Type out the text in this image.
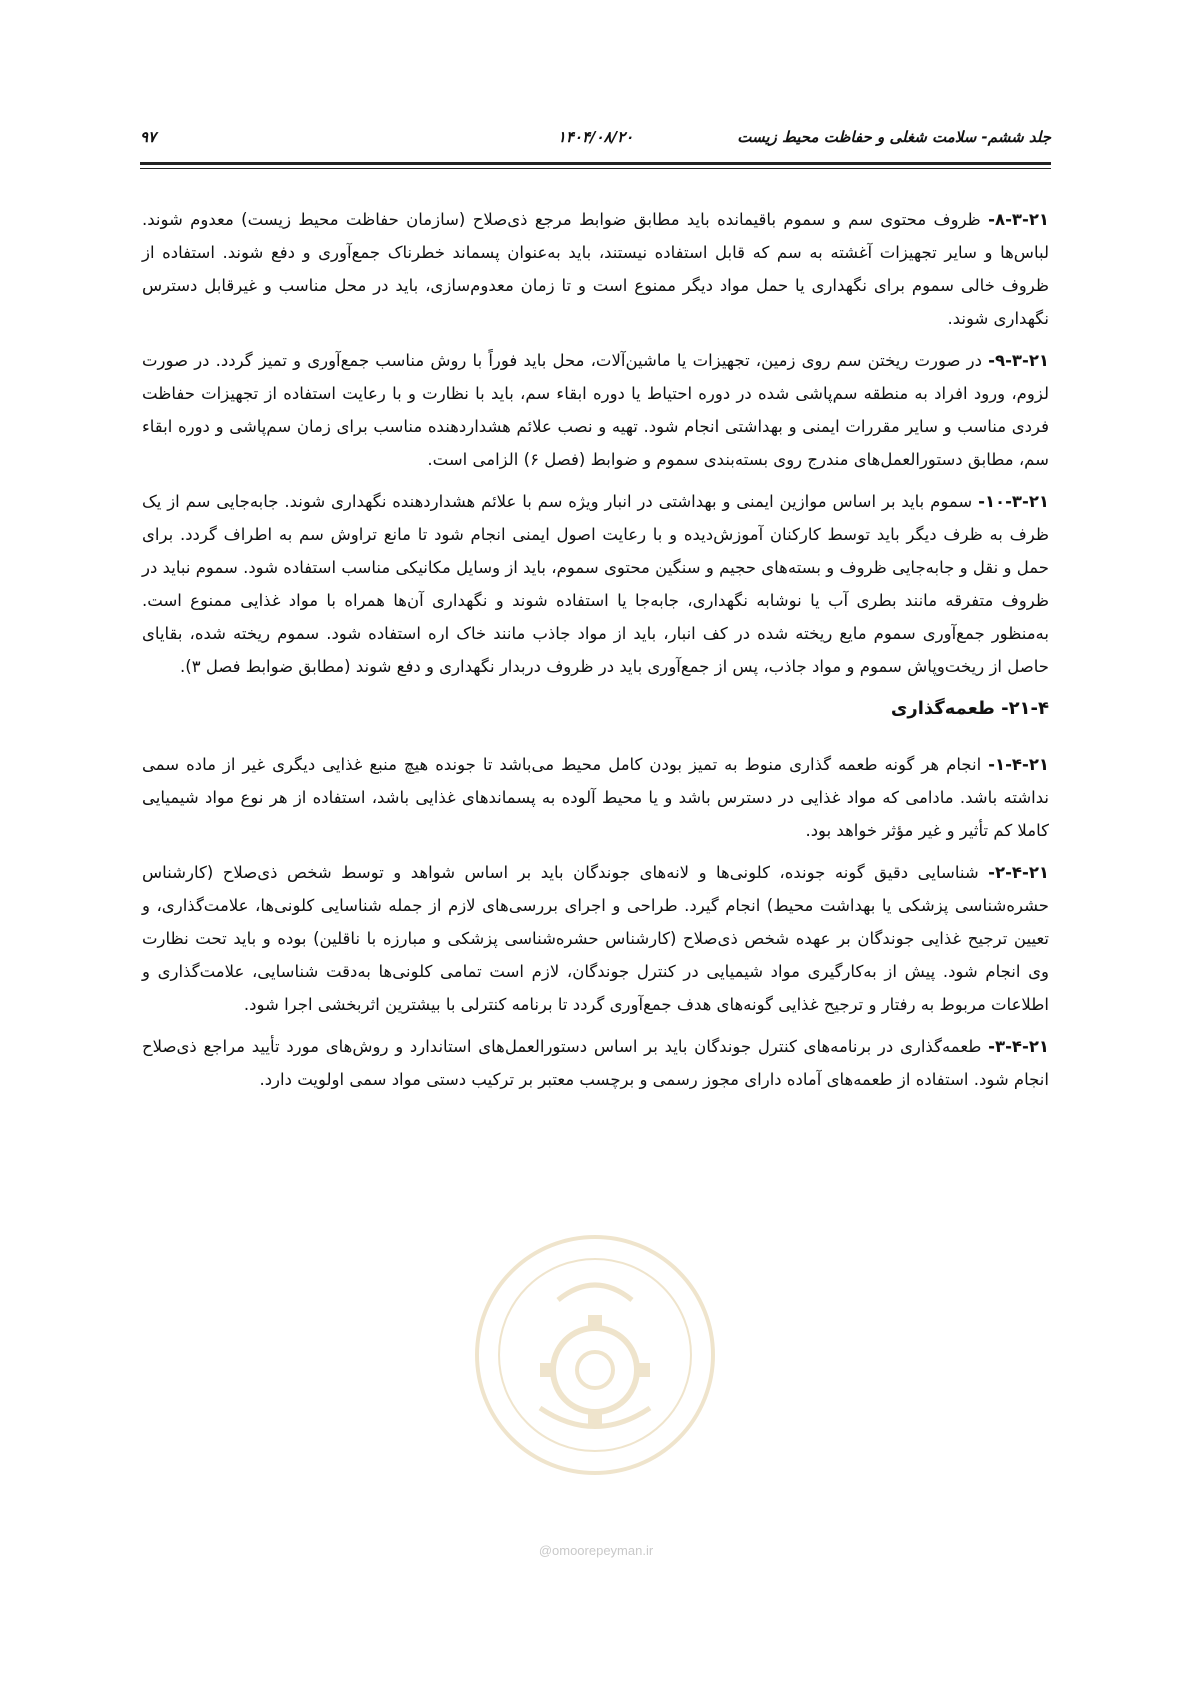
جلد ششم- سلامت شغلی و حفاظت محیط زیست
۱۴۰۴/۰۸/۲۰
۹۷

۸-۳-۲۱- ظروف محتوی سم و سموم باقیمانده باید مطابق ضوابط مرجع ذی‌صلاح (سازمان حفاظت محیط زیست) معدوم شوند. لباس‌ها و سایر تجهیزات آغشته به سم که قابل استفاده نیستند، باید به‌عنوان پسماند خطرناک جمع‌آوری و دفع شوند. استفاده از ظروف خالی سموم برای نگهداری یا حمل مواد دیگر ممنوع است و تا زمان معدوم‌سازی، باید در محل مناسب و غیرقابل دسترس نگهداری شوند.

۹-۳-۲۱- در صورت ریختن سم روی زمین، تجهیزات یا ماشین‌آلات، محل باید فوراً با روش مناسب جمع‌آوری و تمیز گردد. در صورت لزوم، ورود افراد به منطقه سم‌پاشی شده در دوره احتیاط یا دوره ابقاء سم، باید با نظارت و با رعایت استفاده از تجهیزات حفاظت فردی مناسب و سایر مقررات ایمنی و بهداشتی انجام شود. تهیه و نصب علائم هشداردهنده مناسب برای زمان سم‌پاشی و دوره ابقاء سم، مطابق دستورالعمل‌های مندرج روی بسته‌بندی سموم و ضوابط (فصل ۶) الزامی است.

۱۰-۳-۲۱- سموم باید بر اساس موازین ایمنی و بهداشتی در انبار ویژه سم با علائم هشداردهنده نگهداری شوند. جابه‌جایی سم از یک ظرف به ظرف دیگر باید توسط کارکنان آموزش‌دیده و با رعایت اصول ایمنی انجام شود تا مانع تراوش سم به اطراف گردد. برای حمل و نقل و جابه‌جایی ظروف و بسته‌های حجیم و سنگین محتوی سموم، باید از وسایل مکانیکی مناسب استفاده شود. سموم نباید در ظروف متفرقه مانند بطری آب یا نوشابه نگهداری، جابه‌جا یا استفاده شوند و نگهداری آن‌ها همراه با مواد غذایی ممنوع است. به‌منظور جمع‌آوری سموم مایع ریخته شده در کف انبار، باید از مواد جاذب مانند خاک اره استفاده شود. سموم ریخته شده، بقایای حاصل از ریخت‌وپاش سموم و مواد جاذب، پس از جمع‌آوری باید در ظروف دربدار نگهداری و دفع شوند (مطابق ضوابط فصل ۳).

۲۱-۴- طعمه‌گذاری

۱-۴-۲۱- انجام هر گونه طعمه گذاری منوط به تمیز بودن کامل محیط می‌باشد تا جونده هیچ منبع غذایی دیگری غیر از ماده سمی نداشته باشد. مادامی که مواد غذایی در دسترس باشد و یا محیط آلوده به پسماندهای غذایی باشد، استفاده از هر نوع مواد شیمیایی کاملا کم تأثیر و غیر مؤثر خواهد بود.

۲-۴-۲۱- شناسایی دقیق گونه جونده، کلونی‌ها و لانه‌های جوندگان باید بر اساس شواهد و توسط شخص ذی‌صلاح (کارشناس حشره‌شناسی پزشکی یا بهداشت محیط) انجام گیرد. طراحی و اجرای بررسی‌های لازم از جمله شناسایی کلونی‌ها، علامت‌گذاری، و تعیین ترجیح غذایی جوندگان بر عهده شخص ذی‌صلاح (کارشناس حشره‌شناسی پزشکی و مبارزه با ناقلین) بوده و باید تحت نظارت وی انجام شود. پیش از به‌کارگیری مواد شیمیایی در کنترل جوندگان، لازم است تمامی کلونی‌ها به‌دقت شناسایی، علامت‌گذاری و اطلاعات مربوط به رفتار و ترجیح غذایی گونه‌های هدف جمع‌آوری گردد تا برنامه کنترلی با بیشترین اثربخشی اجرا شود.

۳-۴-۲۱- طعمه‌گذاری در برنامه‌های کنترل جوندگان باید بر اساس دستورالعمل‌های استاندارد و روش‌های مورد تأیید مراجع ذی‌صلاح انجام شود. استفاده از طعمه‌های آماده دارای مجوز رسمی و برچسب معتبر بر ترکیب دستی مواد سمی اولویت دارد.

@omoorepeyman.ir
